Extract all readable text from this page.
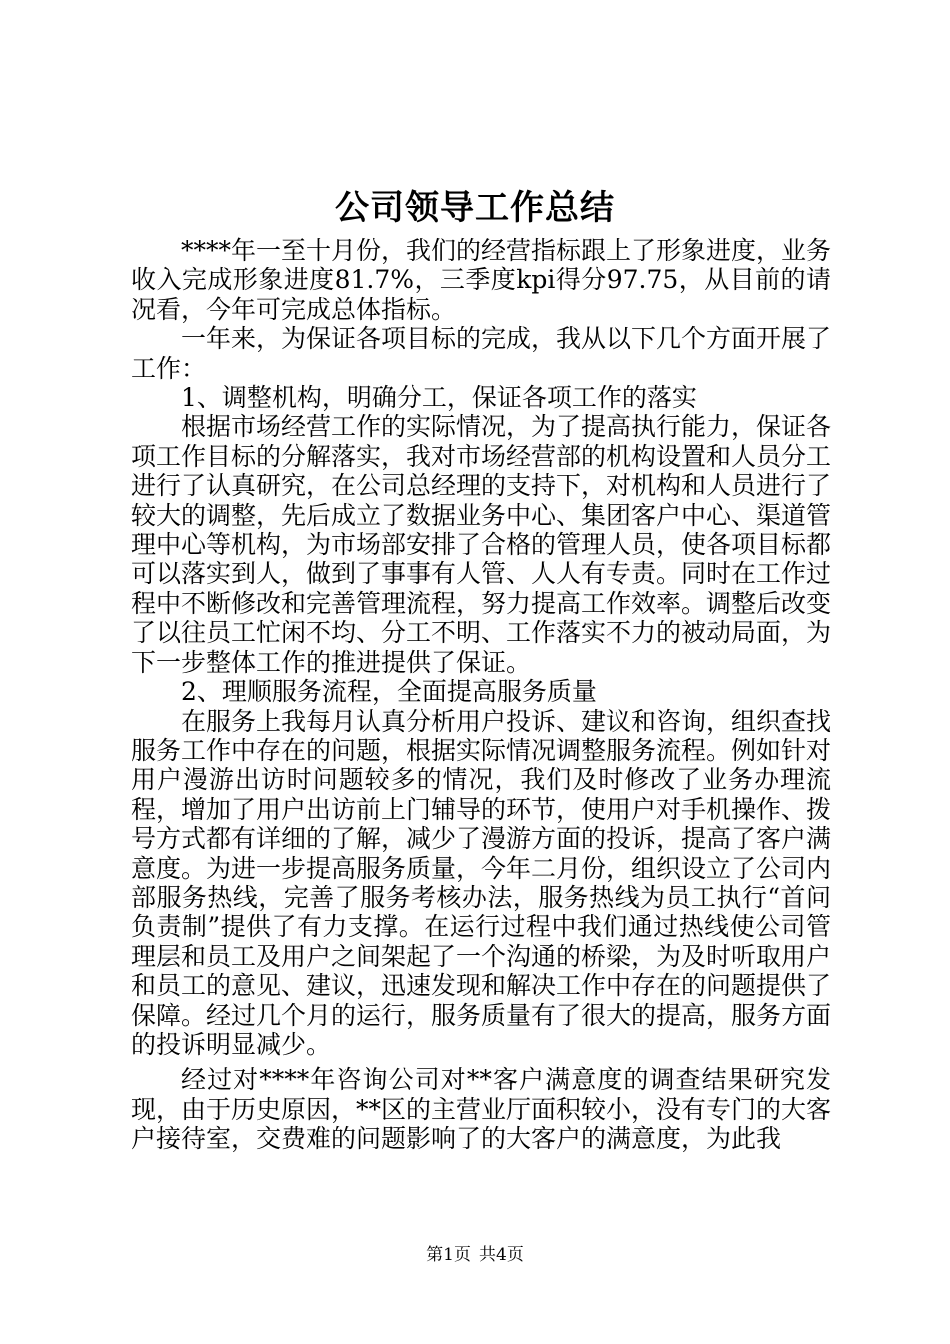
公司领导工作总结

****年一至十月份，我们的经营指标跟上了形象进度，业务收入完成形象进度81.7%，三季度kpi得分97.75，从目前的请况看，今年可完成总体指标。

一年来，为保证各项目标的完成，我从以下几个方面开展了工作：

1、调整机构，明确分工，保证各项工作的落实

根据市场经营工作的实际情况，为了提高执行能力，保证各项工作目标的分解落实，我对市场经营部的机构设置和人员分工进行了认真研究，在公司总经理的支持下，对机构和人员进行了较大的调整，先后成立了数据业务中心、集团客户中心、渠道管理中心等机构，为市场部安排了合格的管理人员，使各项目标都可以落实到人，做到了事事有人管、人人有专责。同时在工作过程中不断修改和完善管理流程，努力提高工作效率。调整后改变了以往员工忙闲不均、分工不明、工作落实不力的被动局面，为下一步整体工作的推进提供了保证。

2、理顺服务流程，全面提高服务质量

在服务上我每月认真分析用户投诉、建议和咨询，组织查找服务工作中存在的问题，根据实际情况调整服务流程。例如针对用户漫游出访时问题较多的情况，我们及时修改了业务办理流程，增加了用户出访前上门辅导的环节，使用户对手机操作、拨号方式都有详细的了解，减少了漫游方面的投诉，提高了客户满意度。为进一步提高服务质量，今年二月份，组织设立了公司内部服务热线，完善了服务考核办法，服务热线为员工执行“首问负责制”提供了有力支撑。在运行过程中我们通过热线使公司管理层和员工及用户之间架起了一个沟通的桥梁，为及时听取用户和员工的意见、建议，迅速发现和解决工作中存在的问题提供了保障。经过几个月的运行，服务质量有了很大的提高，服务方面的投诉明显减少。

经过对****年咨询公司对**客户满意度的调查结果研究发现，由于历史原因，**区的主营业厅面积较小，没有专门的大客户接待室，交费难的问题影响了的大客户的满意度，为此我

第1页 共4页
